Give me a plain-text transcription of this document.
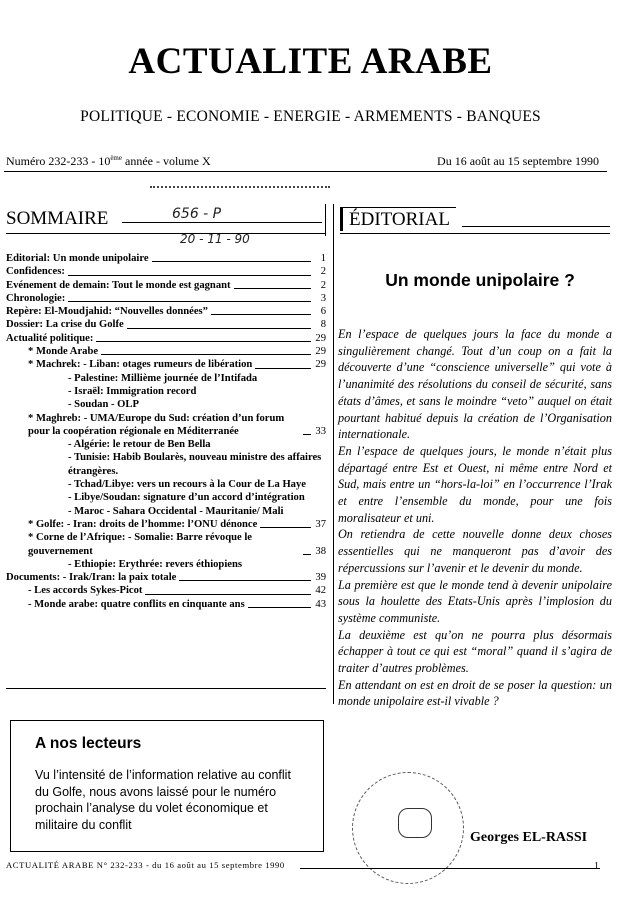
ACTUALITE ARABE
POLITIQUE - ECONOMIE - ENERGIE - ARMEMENTS - BANQUES
Numéro 232-233 - 10ème année - volume X	Du 16 août au 15 septembre 1990
SOMMAIRE	656 - P
20 - 11 - 90
Editorial: Un monde unipolaire	1
Confidences:	2
Evénement de demain: Tout le monde est gagnant	2
Chronologie:	3
Repère: El-Moudjahid: “Nouvelles données”	6
Dossier: La crise du Golfe	8
Actualité politique:	29
* Monde Arabe	29
* Machrek: - Liban: otages rumeurs de libération	29
- Palestine: Millième journée de l’Intifada
- Israël: Immigration record
- Soudan - OLP
* Maghreb: - UMA/Europe du Sud: création d’un forum pour la coopération régionale en Méditerranée	33
- Algérie: le retour de Ben Bella
- Tunisie: Habib Boularès, nouveau ministre des affaires étrangères.
- Tchad/Libye: vers un recours à la Cour de La Haye
- Libye/Soudan: signature d’un accord d’intégration
- Maroc - Sahara Occidental - Mauritanie/ Mali
* Golfe: - Iran: droits de l’homme: l’ONU dénonce	37
* Corne de l’Afrique: - Somalie: Barre révoque le gouvernement	38
- Ethiopie: Erythrée: revers éthiopiens
Documents: - Irak/Iran: la paix totale	39
- Les accords Sykes-Picot	42
- Monde arabe: quatre conflits en cinquante ans	43
A nos lecteurs
Vu l’intensité de l’information relative au conflit du Golfe, nous avons laissé pour le numéro prochain l’analyse du volet économique et militaire du conflit
ÉDITORIAL
Un monde unipolaire ?

En l’espace de quelques jours la face du monde a singulièrement changé. Tout d’un coup on a fait la découverte d’une “conscience universelle” qui vote à l’unanimité des résolutions du conseil de sécurité, sans états d’âmes, et sans le moindre “veto” auquel on était pourtant habitué depuis la création de l’Organisation internationale.

En l’espace de quelques jours, le monde n’était plus départagé entre Est et Ouest, ni même entre Nord et Sud, mais entre un “hors-la-loi” en l’occurrence l’Irak et entre l’ensemble du monde, pour une fois moralisateur et uni.

On retiendra de cette nouvelle donne deux choses essentielles qui ne manqueront pas d’avoir des répercussions sur l’avenir et le devenir du monde.

La première est que le monde tend à devenir unipolaire sous la houlette des Etats-Unis après l’implosion du système communiste.

La deuxième est qu’on ne pourra plus désormais échapper à tout ce qui est “moral” quand il s’agira de traiter d’autres problèmes.

En attendant on est en droit de se poser la question: un monde unipolaire est-il vivable ?

Georges EL-RASSI
ACTUALITÉ ARABE N° 232-233 - du 16 août au 15 septembre 1990	1
